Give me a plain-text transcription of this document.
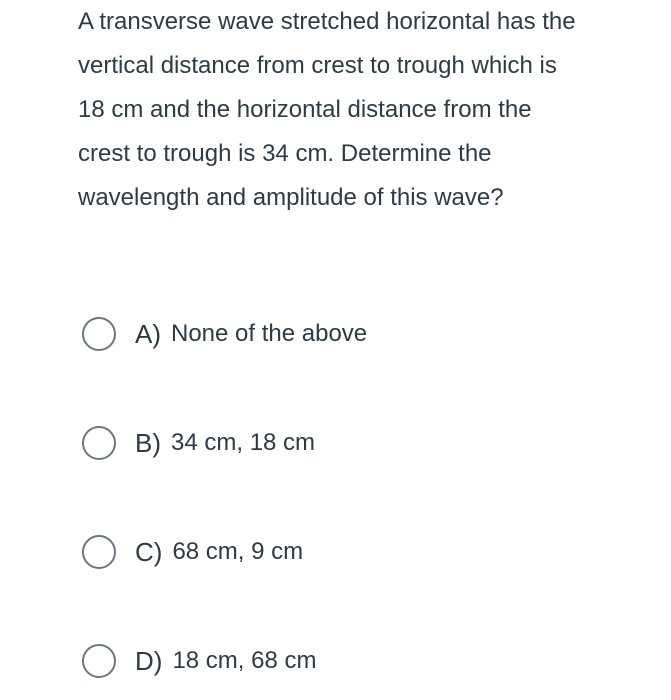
A transverse wave stretched horizontal has the
vertical distance from crest to trough which is
18 cm and the horizontal distance from the
crest to trough is 34 cm. Determine the
wavelength and amplitude of this wave?
A) None of the above
B) 34 cm, 18 cm
C) 68 cm, 9 cm
D) 18 cm, 68 cm
